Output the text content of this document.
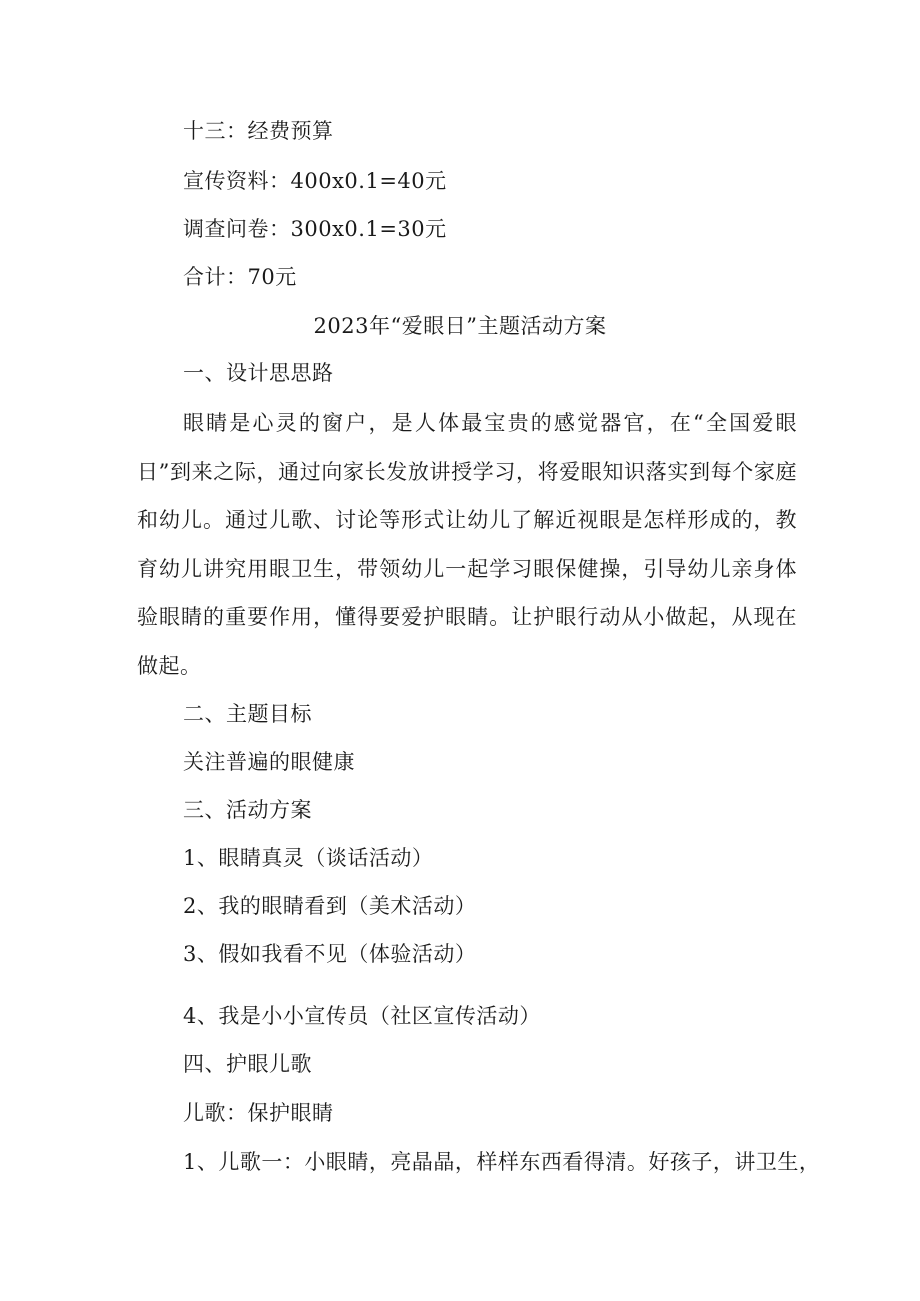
十三：经费预算
宣传资料：400x0.1=40元
调查问卷：300x0.1=30元
合计：70元
2023年“爱眼日”主题活动方案
一、设计思思路
眼睛是心灵的窗户，是人体最宝贵的感觉器官，在“全国爱眼日”到来之际，通过向家长发放讲授学习，将爱眼知识落实到每个家庭和幼儿。通过儿歌、讨论等形式让幼儿了解近视眼是怎样形成的，教育幼儿讲究用眼卫生，带领幼儿一起学习眼保健操，引导幼儿亲身体验眼睛的重要作用，懂得要爱护眼睛。让护眼行动从小做起，从现在做起。
二、主题目标
关注普遍的眼健康
三、活动方案
1、眼睛真灵（谈话活动）
2、我的眼睛看到（美术活动）
3、假如我看不见（体验活动）
4、我是小小宣传员（社区宣传活动）
四、护眼儿歌
儿歌：保护眼睛
1、儿歌一：小眼睛，亮晶晶，样样东西看得清。好孩子，讲卫生，
